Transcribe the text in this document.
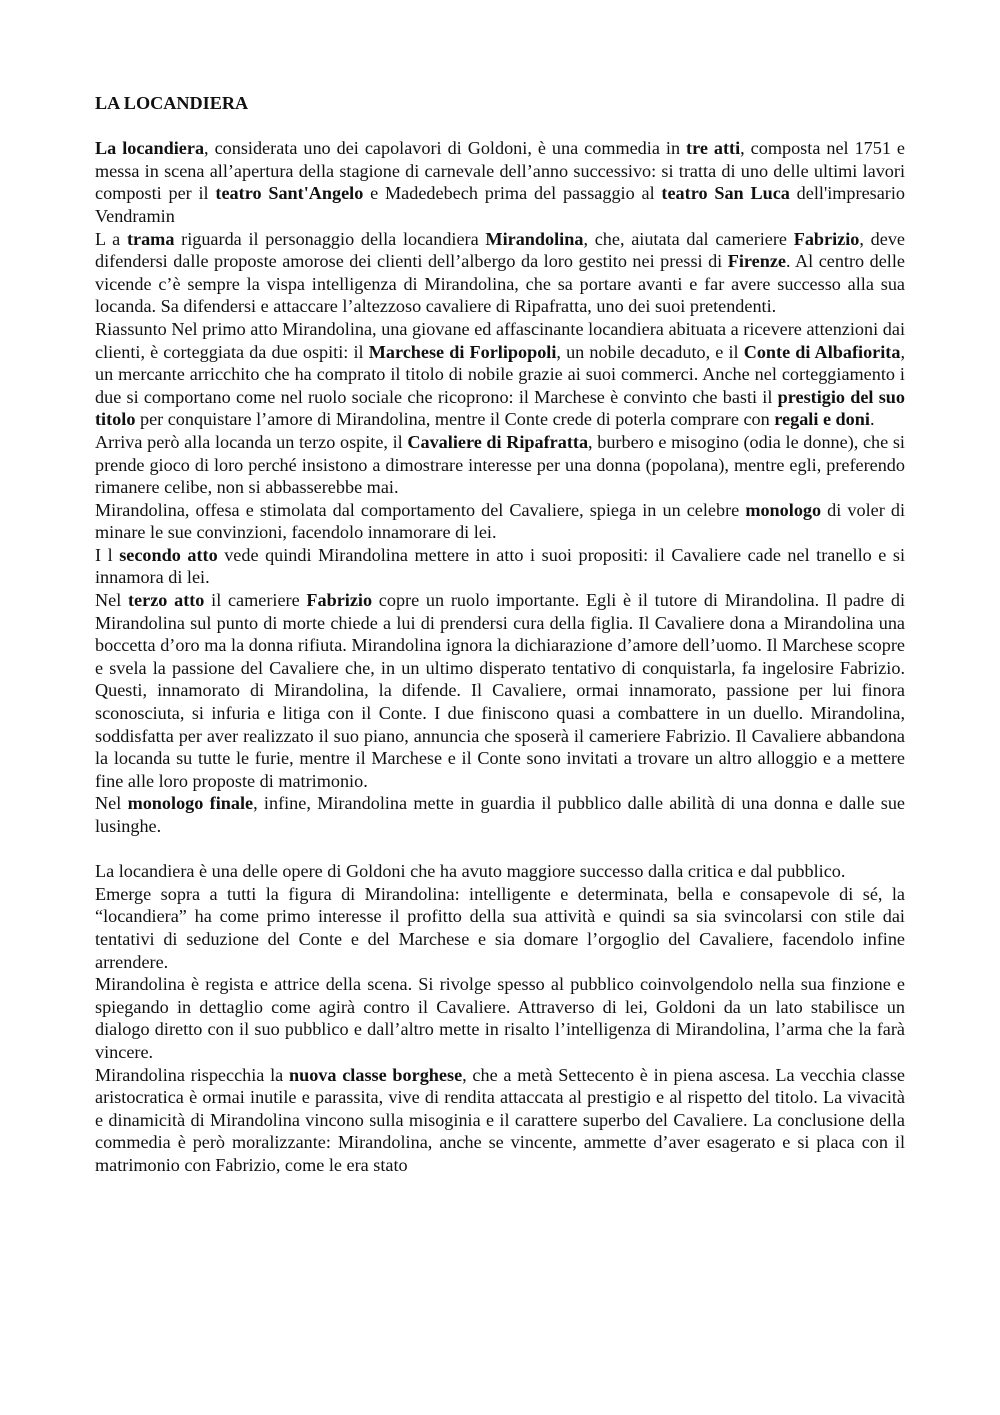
LA LOCANDIERA

La locandiera, considerata uno dei capolavori di Goldoni, è una commedia in tre atti, composta nel 1751 e messa in scena all’apertura della stagione di carnevale dell’anno successivo: si tratta di uno delle ultimi lavori composti per il teatro Sant'Angelo e Madedebech prima del passaggio al teatro San Luca dell'impresario Vendramin

L a trama riguarda il personaggio della locandiera Mirandolina, che, aiutata dal cameriere Fabrizio, deve difendersi dalle proposte amorose dei clienti dell’albergo da loro gestito nei pressi di Firenze. Al centro delle vicende c’è sempre la vispa intelligenza di Mirandolina, che sa portare avanti e far avere successo alla sua locanda. Sa difendersi e attaccare l’altezzoso cavaliere di Ripafratta, uno dei suoi pretendenti.

Riassunto Nel primo atto Mirandolina, una giovane ed affascinante locandiera abituata a ricevere attenzioni dai clienti, è corteggiata da due ospiti: il Marchese di Forlipopoli, un nobile decaduto, e il Conte di Albafiorita, un mercante arricchito che ha comprato il titolo di nobile grazie ai suoi commerci. Anche nel corteggiamento i due si comportano come nel ruolo sociale che ricoprono: il Marchese è convinto che basti il prestigio del suo titolo per conquistare l’amore di Mirandolina, mentre il Conte crede di poterla comprare con regali e doni.

Arriva però alla locanda un terzo ospite, il Cavaliere di Ripafratta, burbero e misogino (odia le donne), che si prende gioco di loro perché insistono a dimostrare interesse per una donna (popolana), mentre egli, preferendo rimanere celibe, non si abbasserebbe mai.

Mirandolina, offesa e stimolata dal comportamento del Cavaliere, spiega in un celebre monologo di voler di minare le sue convinzioni, facendolo innamorare di lei.

I l secondo atto vede quindi Mirandolina mettere in atto i suoi propositi: il Cavaliere cade nel tranello e si innamora di lei.

Nel terzo atto il cameriere Fabrizio copre un ruolo importante. Egli è il tutore di Mirandolina. Il padre di Mirandolina sul punto di morte chiede a lui di prendersi cura della figlia. Il Cavaliere dona a Mirandolina una boccetta d’oro ma la donna rifiuta. Mirandolina ignora la dichiarazione d’amore dell’uomo. Il Marchese scopre e svela la passione del Cavaliere che, in un ultimo disperato tentativo di conquistarla, fa ingelosire Fabrizio. Questi, innamorato di Mirandolina, la difende. Il Cavaliere, ormai innamorato, passione per lui finora sconosciuta, si infuria e litiga con il Conte. I due finiscono quasi a combattere in un duello. Mirandolina, soddisfatta per aver realizzato il suo piano, annuncia che sposerà il cameriere Fabrizio. Il Cavaliere abbandona la locanda su tutte le furie, mentre il Marchese e il Conte sono invitati a trovare un altro alloggio e a mettere fine alle loro proposte di matrimonio.

Nel monologo finale, infine, Mirandolina mette in guardia il pubblico dalle abilità di una donna e dalle sue lusinghe.

La locandiera è una delle opere di Goldoni che ha avuto maggiore successo dalla critica e dal pubblico.

Emerge sopra a tutti la figura di Mirandolina: intelligente e determinata, bella e consapevole di sé, la “locandiera” ha come primo interesse il profitto della sua attività e quindi sa sia svincolarsi con stile dai tentativi di seduzione del Conte e del Marchese e sia domare l’orgoglio del Cavaliere, facendolo infine arrendere.

Mirandolina è regista e attrice della scena. Si rivolge spesso al pubblico coinvolgendolo nella sua finzione e spiegando in dettaglio come agirà contro il Cavaliere. Attraverso di lei, Goldoni da un lato stabilisce un dialogo diretto con il suo pubblico e dall’altro mette in risalto l’intelligenza di Mirandolina, l’arma che la farà vincere.

Mirandolina rispecchia la nuova classe borghese, che a metà Settecento è in piena ascesa. La vecchia classe aristocratica è ormai inutile e parassita, vive di rendita attaccata al prestigio e al rispetto del titolo. La vivacità e dinamicità di Mirandolina vincono sulla misoginia e il carattere superbo del Cavaliere. La conclusione della commedia è però moralizzante: Mirandolina, anche se vincente, ammette d’aver esagerato e si placa con il matrimonio con Fabrizio, come le era stato
